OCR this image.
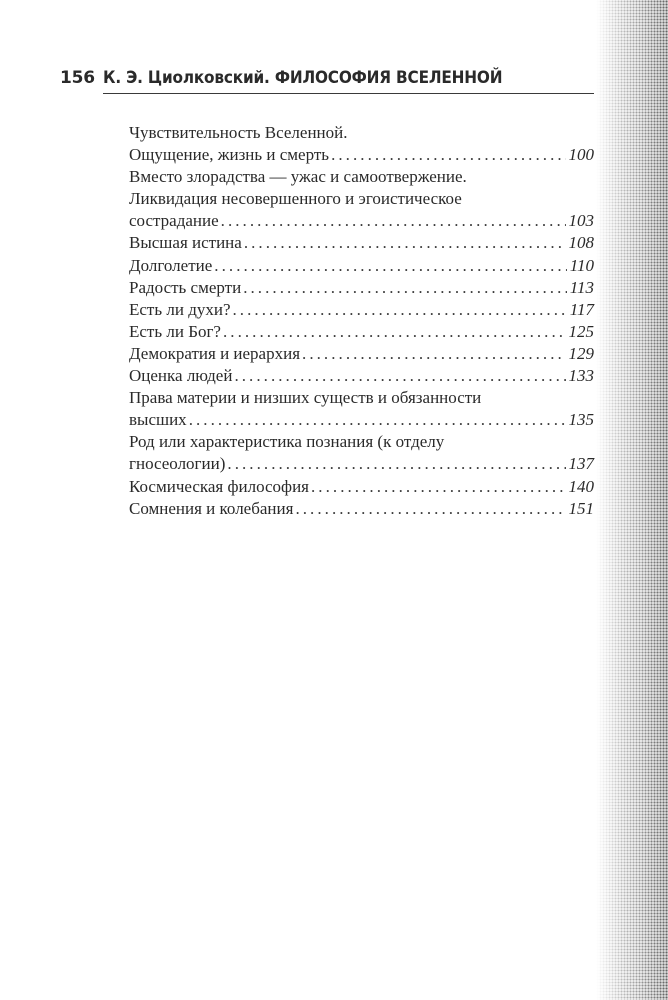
156 К. Э. Циолковский. ФИЛОСОФИЯ ВСЕЛЕННОЙ
Чувствительность Вселенной.
Ощущение, жизнь и смерть . . .	100
Вместо злорадства — ужас и самоотвержение.
Ликвидация несовершенного и эгоистическое
сострадание . . .	103
Высшая истина . . .	108
Долголетие . . .	110
Радость смерти . . .	113
Есть ли духи? . . .	117
Есть ли Бог? . . .	125
Демократия и иерархия . . .	129
Оценка людей . . .	133
Права материи и низших существ и обязанности
высших . . .	135
Род или характеристика познания (к отделу
гносеологии) . . .	137
Космическая философия . . .	140
Сомнения и колебания . . .	151
